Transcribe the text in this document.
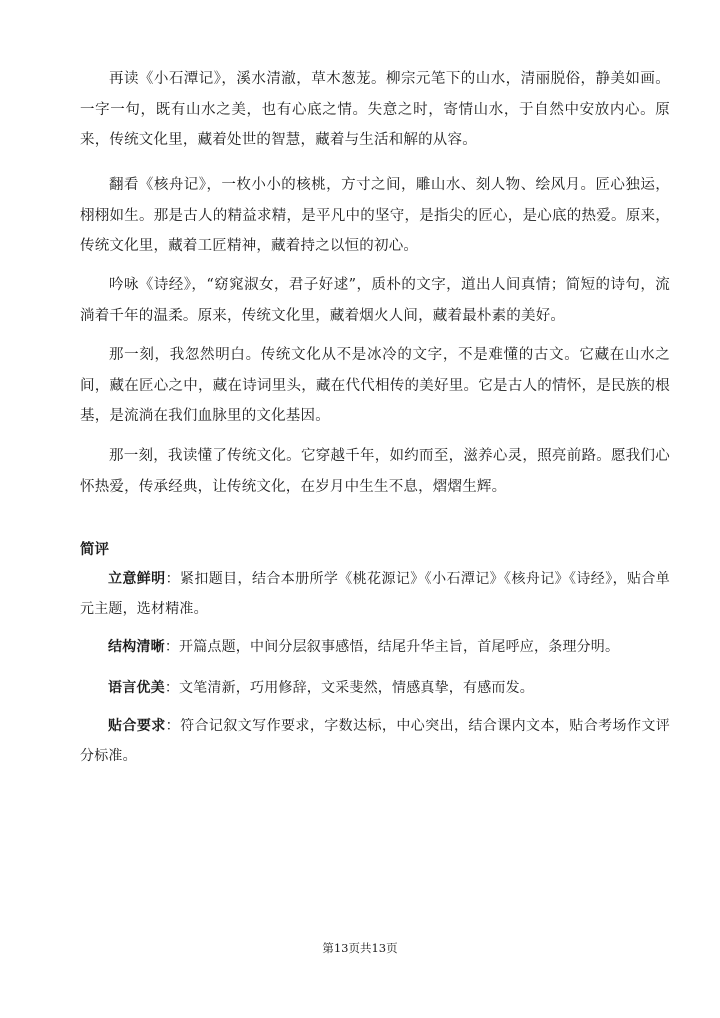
再读《小石潭记》，溪水清澈，草木葱茏。柳宗元笔下的山水，清丽脱俗，静美如画。一字一句，既有山水之美，也有心底之情。失意之时，寄情山水，于自然中安放内心。原来，传统文化里，藏着处世的智慧，藏着与生活和解的从容。

翻看《核舟记》，一枚小小的核桃，方寸之间，雕山水、刻人物、绘风月。匠心独运，栩栩如生。那是古人的精益求精，是平凡中的坚守，是指尖的匠心，是心底的热爱。原来，传统文化里，藏着工匠精神，藏着持之以恒的初心。

吟咏《诗经》，“窈窕淑女，君子好逑”，质朴的文字，道出人间真情；简短的诗句，流淌着千年的温柔。原来，传统文化里，藏着烟火人间，藏着最朴素的美好。

那一刻，我忽然明白。传统文化从不是冰冷的文字，不是难懂的古文。它藏在山水之间，藏在匠心之中，藏在诗词里头，藏在代代相传的美好里。它是古人的情怀，是民族的根基，是流淌在我们血脉里的文化基因。

那一刻，我读懂了传统文化。它穿越千年，如约而至，滋养心灵，照亮前路。愿我们心怀热爱，传承经典，让传统文化，在岁月中生生不息，熠熠生辉。

简评

立意鲜明：紧扣题目，结合本册所学《桃花源记》《小石潭记》《核舟记》《诗经》，贴合单元主题，选材精准。

结构清晰：开篇点题，中间分层叙事感悟，结尾升华主旨，首尾呼应，条理分明。

语言优美：文笔清新，巧用修辞，文采斐然，情感真挚，有感而发。

贴合要求：符合记叙文写作要求，字数达标，中心突出，结合课内文本，贴合考场作文评分标准。

第13页共13页
